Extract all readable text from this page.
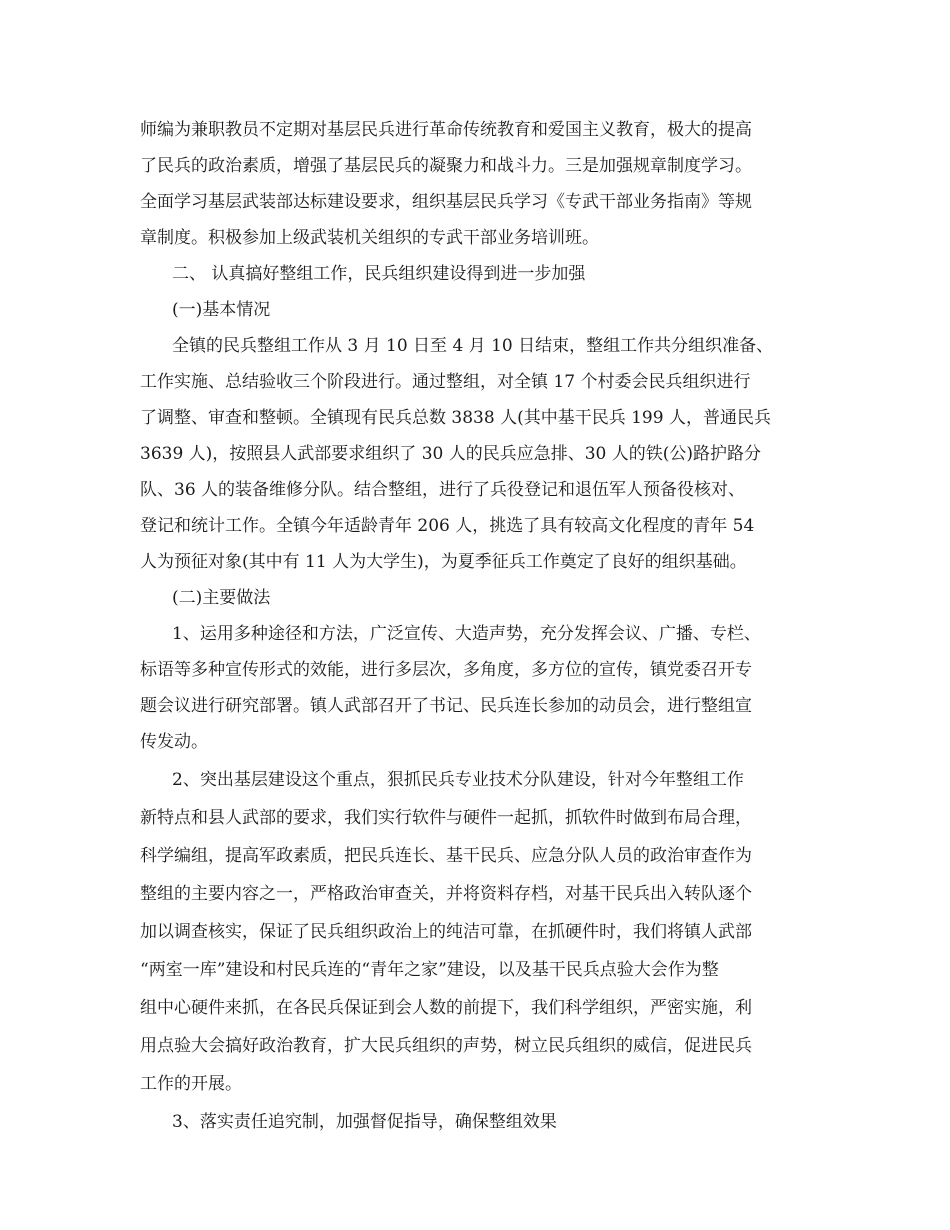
师编为兼职教员不定期对基层民兵进行革命传统教育和爱国主义教育，极大的提高
了民兵的政治素质，增强了基层民兵的凝聚力和战斗力。三是加强规章制度学习。
全面学习基层武装部达标建设要求，组织基层民兵学习《专武干部业务指南》等规
章制度。积极参加上级武装机关组织的专武干部业务培训班。
二、 认真搞好整组工作，民兵组织建设得到进一步加强
(一)基本情况
全镇的民兵整组工作从 3 月 10 日至 4 月 10 日结束，整组工作共分组织准备、
工作实施、总结验收三个阶段进行。通过整组，对全镇 17 个村委会民兵组织进行
了调整、审查和整顿。全镇现有民兵总数 3838 人(其中基干民兵 199 人，普通民兵
3639 人)，按照县人武部要求组织了 30 人的民兵应急排、30 人的铁(公)路护路分
队、36 人的装备维修分队。结合整组，进行了兵役登记和退伍军人预备役核对、
登记和统计工作。全镇今年适龄青年 206 人，挑选了具有较高文化程度的青年 54
人为预征对象(其中有 11 人为大学生)，为夏季征兵工作奠定了良好的组织基础。
(二)主要做法
1、运用多种途径和方法，广泛宣传、大造声势，充分发挥会议、广播、专栏、
标语等多种宣传形式的效能，进行多层次，多角度，多方位的宣传，镇党委召开专
题会议进行研究部署。镇人武部召开了书记、民兵连长参加的动员会，进行整组宣
传发动。
2、突出基层建设这个重点，狠抓民兵专业技术分队建设，针对今年整组工作
新特点和县人武部的要求，我们实行软件与硬件一起抓，抓软件时做到布局合理，
科学编组，提高军政素质，把民兵连长、基干民兵、应急分队人员的政治审查作为
整组的主要内容之一，严格政治审查关，并将资料存档，对基干民兵出入转队逐个
加以调查核实，保证了民兵组织政治上的纯洁可靠，在抓硬件时，我们将镇人武部
“两室一库”建设和村民兵连的“青年之家”建设，以及基干民兵点验大会作为整
组中心硬件来抓，在各民兵保证到会人数的前提下，我们科学组织，严密实施，利
用点验大会搞好政治教育，扩大民兵组织的声势，树立民兵组织的威信，促进民兵
工作的开展。
3、落实责任追究制，加强督促指导，确保整组效果
